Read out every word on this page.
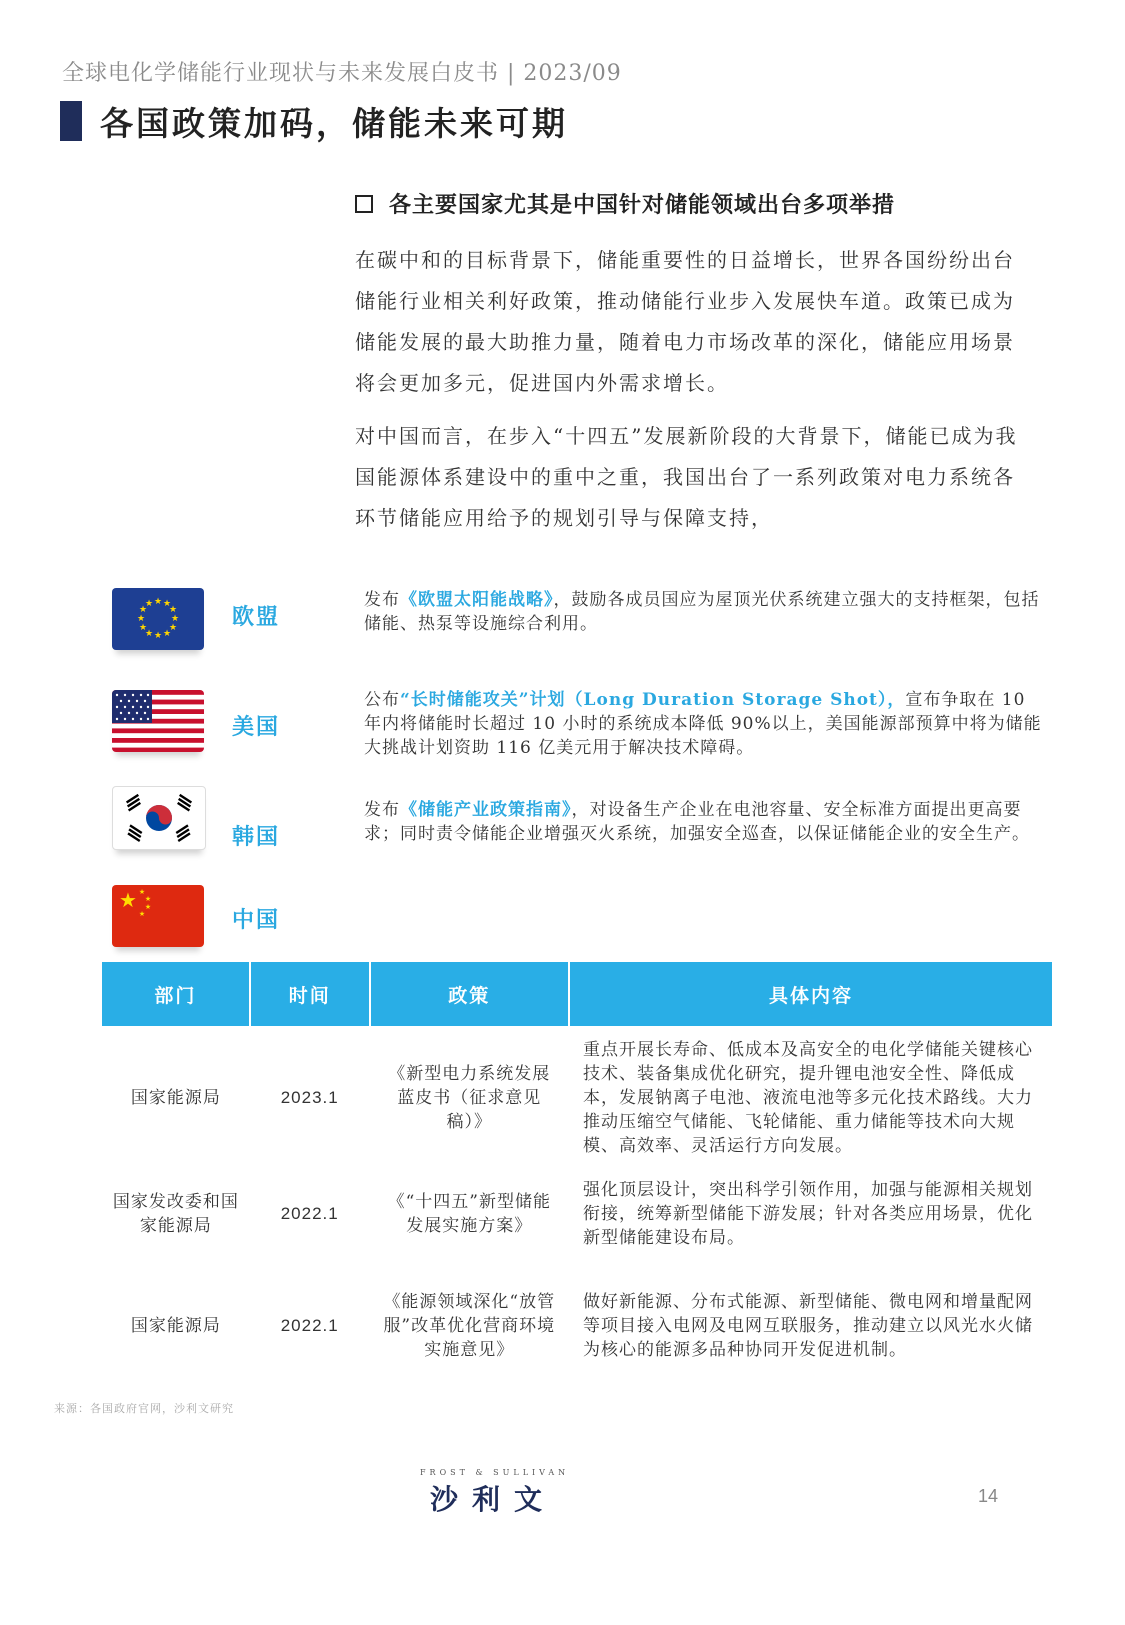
全球电化学储能行业现状与未来发展白皮书 | 2023/09
各国政策加码，储能未来可期
各主要国家尤其是中国针对储能领域出台多项举措

在碳中和的目标背景下，储能重要性的日益增长，世界各国纷纷出台储能行业相关利好政策，推动储能行业步入发展快车道。政策已成为储能发展的最大助推力量，随着电力市场改革的深化，储能应用场景将会更加多元，促进国内外需求增长。

对中国而言，在步入“十四五”发展新阶段的大背景下，储能已成为我国能源体系建设中的重中之重，我国出台了一系列政策对电力系统各环节储能应用给予的规划引导与保障支持，

★ ★
★
★
★
★
★
★
★
★
★
★	欧盟
发布《欧盟太阳能战略》，鼓励各成员国应为屋顶光伏系统建立强大的支持框架，包括储能、热泵等设施综合利用。
美国
公布“长时储能攻关”计划（Long Duration Storage Shot），宣布争取在 10 年内将储能时长超过 10 小时的系统成本降低 90%以上，美国能源部预算中将为储能大挑战计划资助 116 亿美元用于解决技术障碍。
韩国
发布《储能产业政策指南》，对设备生产企业在电池容量、安全标准方面提出更高要求；同时责令储能企业增强灭火系统，加强安全巡查，以保证储能企业的安全生产。
★ ★
★
★
★	中国
部门	时间	政策	具体内容

国家能源局	2023.1	《新型电力系统发展蓝皮书（征求意见稿）》	重点开展长寿命、低成本及高安全的电化学储能关键核心技术、装备集成优化研究，提升锂电池安全性、降低成本，发展钠离子电池、液流电池等多元化技术路线。大力推动压缩空气储能、飞轮储能、重力储能等技术向大规模、高效率、灵活运行方向发展。
国家发改委和国家能源局	2022.1	《“十四五”新型储能发展实施方案》	强化顶层设计，突出科学引领作用，加强与能源相关规划衔接，统筹新型储能下游发展；针对各类应用场景，优化新型储能建设布局。
国家能源局	2022.1	《能源领域深化“放管服”改革优化营商环境实施意见》	做好新能源、分布式能源、新型储能、微电网和增量配网等项目接入电网及电网互联服务，推动建立以风光水火储为核心的能源多品种协同开发促进机制。
来源：各国政府官网，沙利文研究
FROST & SULLIVAN
沙利文	14
